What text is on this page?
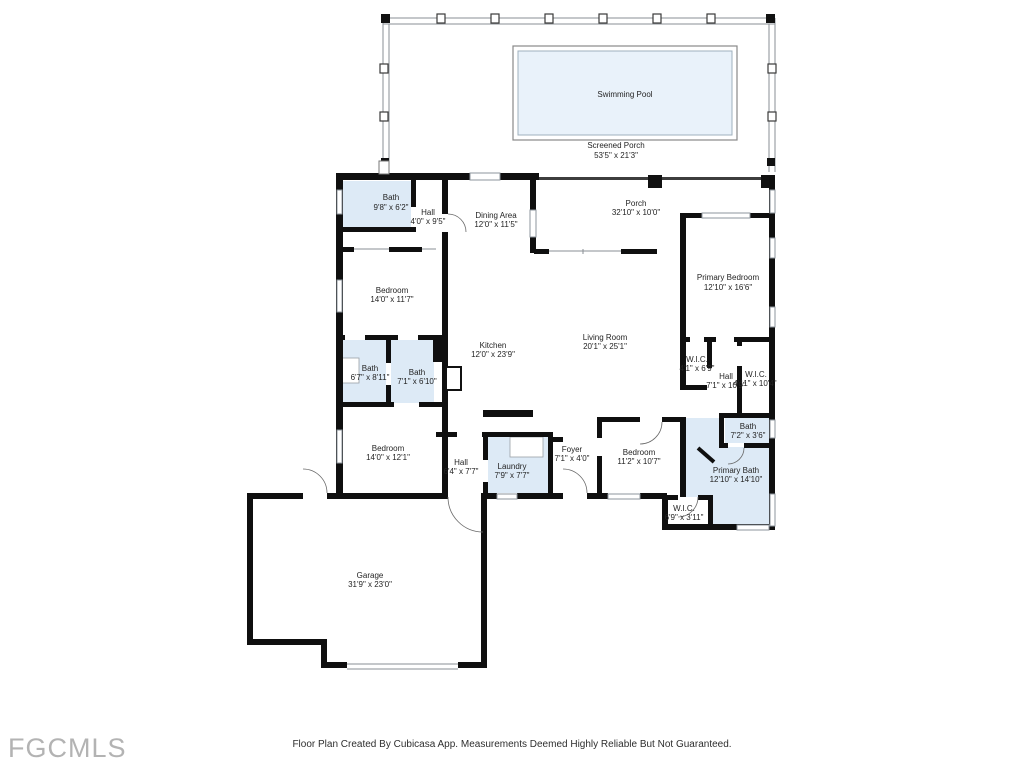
Swimming Pool
Screened Porch
53'5" x 21'3"
Bath
9'8" x 6'2"
Hall
4'0" x 9'5"
Dining Area
12'0" x 11'5"
Porch
32'10" x 10'0"
Primary Bedroom
12'10" x 16'6"
Bedroom
14'0" x 11'7"
Kitchen
12'0" x 23'9"
Living Room
20'1" x 25'1"
Bath
6'7" x 8'11"
Bath
7'1" x 6'10"
W.I.C.
4'1" x 6'9"
Hall
7'1" x 10'9"
W.I.C.
4'11" x 10'4"
Bedroom
14'0" x 12'1"
Hall
6'4" x 7'7"
Laundry
7'9" x 7'7"
Foyer
7'1" x 4'0"
Bedroom
11'2" x 10'7"
Bath
7'2" x 3'6"
Primary Bath
12'10" x 14'10"
W.I.C.
6'9" x 3'11"
Garage
31'9" x 23'0"
Floor Plan Created By Cubicasa App. Measurements Deemed Highly Reliable But Not Guaranteed.
FGCMLS
